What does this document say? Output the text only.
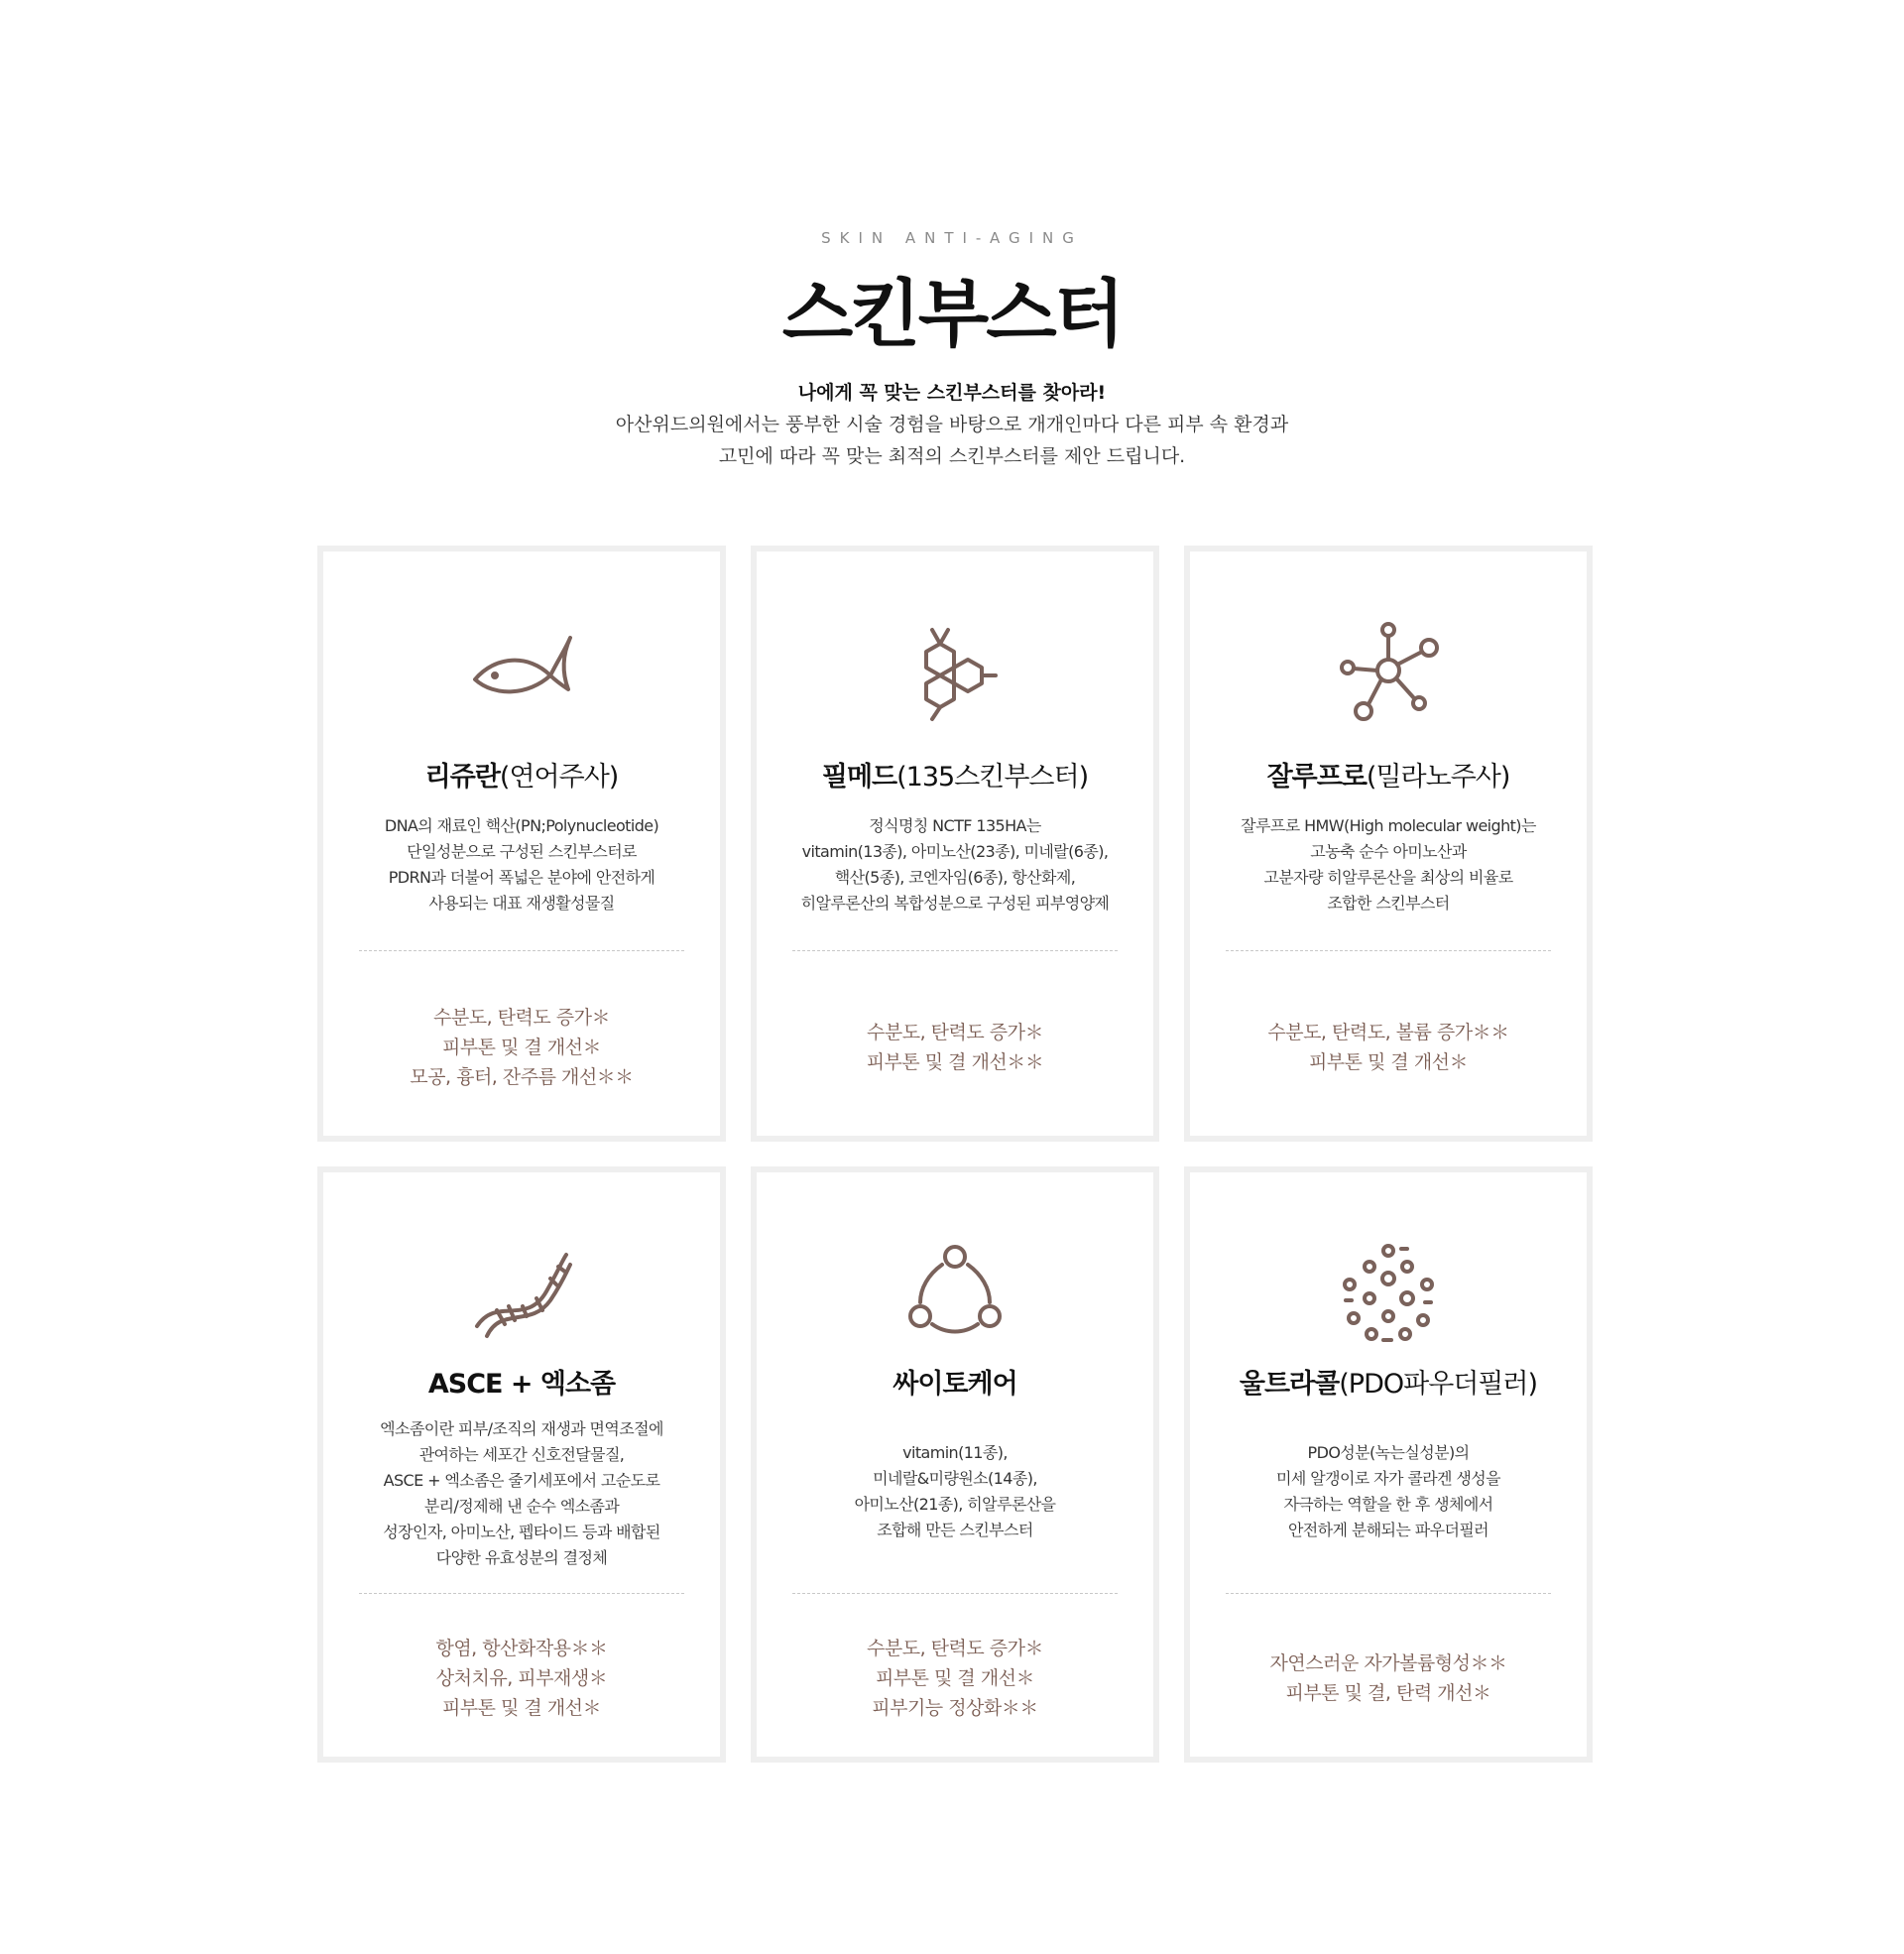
SKIN ANTI-AGING
스킨부스터
나에게 꼭 맞는 스킨부스터를 찾아라!
아산위드의원에서는 풍부한 시술 경험을 바탕으로 개개인마다 다른 피부 속 환경과
고민에 따라 꼭 맞는 최적의 스킨부스터를 제안 드립니다.
리쥬란(연어주사)
DNA의 재료인 핵산(PN;Polynucleotide)
단일성분으로 구성된 스킨부스터로
PDRN과 더불어 폭넓은 분야에 안전하게
사용되는 대표 재생활성물질
수분도, 탄력도 증가＊
피부톤 및 결 개선＊
모공, 흉터, 잔주름 개선＊＊
필메드(135스킨부스터)
정식명칭 NCTF 135HA는
vitamin(13종), 아미노산(23종), 미네랄(6종),
핵산(5종), 코엔자임(6종), 항산화제,
히알루론산의 복합성분으로 구성된 피부영양제
수분도, 탄력도 증가＊
피부톤 및 결 개선＊＊
잘루프로(밀라노주사)
잘루프로 HMW(High molecular weight)는
고농축 순수 아미노산과
고분자량 히알루론산을 최상의 비율로
조합한 스킨부스터
수분도, 탄력도, 볼륨 증가＊＊
피부톤 및 결 개선＊
ASCE + 엑소좀
엑소좀이란 피부/조직의 재생과 면역조절에
관여하는 세포간 신호전달물질,
ASCE + 엑소좀은 줄기세포에서 고순도로
분리/정제해 낸 순수 엑소좀과
성장인자, 아미노산, 펩타이드 등과 배합된
다양한 유효성분의 결정체
항염, 항산화작용＊＊
상처치유, 피부재생＊
피부톤 및 결 개선＊
싸이토케어
vitamin(11종),
미네랄&미량원소(14종),
아미노산(21종), 히알루론산을
조합해 만든 스킨부스터
수분도, 탄력도 증가＊
피부톤 및 결 개선＊
피부기능 정상화＊＊
울트라콜(PDO파우더필러)
PDO성분(녹는실성분)의
미세 알갱이로 자가 콜라겐 생성을
자극하는 역할을 한 후 생체에서
안전하게 분해되는 파우더필러
자연스러운 자가볼륨형성＊＊
피부톤 및 결, 탄력 개선＊
